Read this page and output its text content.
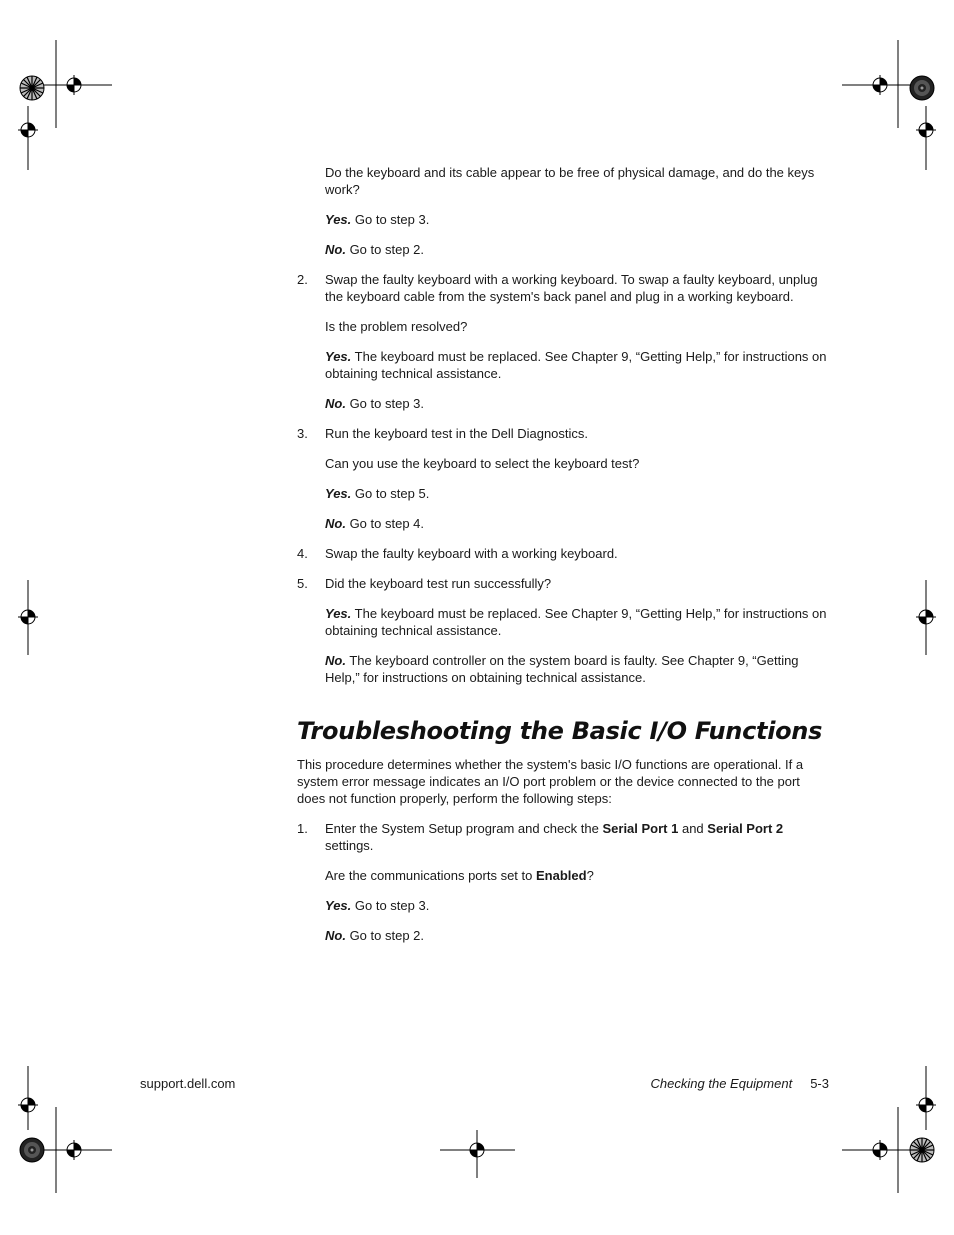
Do the keyboard and its cable appear to be free of physical damage, and do the keys work?

Yes. Go to step 3.

No. Go to step 2.

2. Swap the faulty keyboard with a working keyboard. To swap a faulty keyboard, unplug the keyboard cable from the system's back panel and plug in a working keyboard.

Is the problem resolved?

Yes. The keyboard must be replaced. See Chapter 9, “Getting Help,” for instructions on obtaining technical assistance.

No. Go to step 3.

3. Run the keyboard test in the Dell Diagnostics.

Can you use the keyboard to select the keyboard test?

Yes. Go to step 5.

No. Go to step 4.

4. Swap the faulty keyboard with a working keyboard.
5. Did the keyboard test run successfully?

Yes. The keyboard must be replaced. See Chapter 9, “Getting Help,” for instructions on obtaining technical assistance.

No. The keyboard controller on the system board is faulty. See Chapter 9, “Getting Help,” for instructions on obtaining technical assistance.

Troubleshooting the Basic I/O Functions

This procedure determines whether the system's basic I/O functions are operational. If a system error message indicates an I/O port problem or the device connected to the port does not function properly, perform the following steps:

1. Enter the System Setup program and check the Serial Port 1 and Serial Port 2 settings.

Are the communications ports set to Enabled?

Yes. Go to step 3.

No. Go to step 2.

support.dell.com	Checking the Equipment 5-3
